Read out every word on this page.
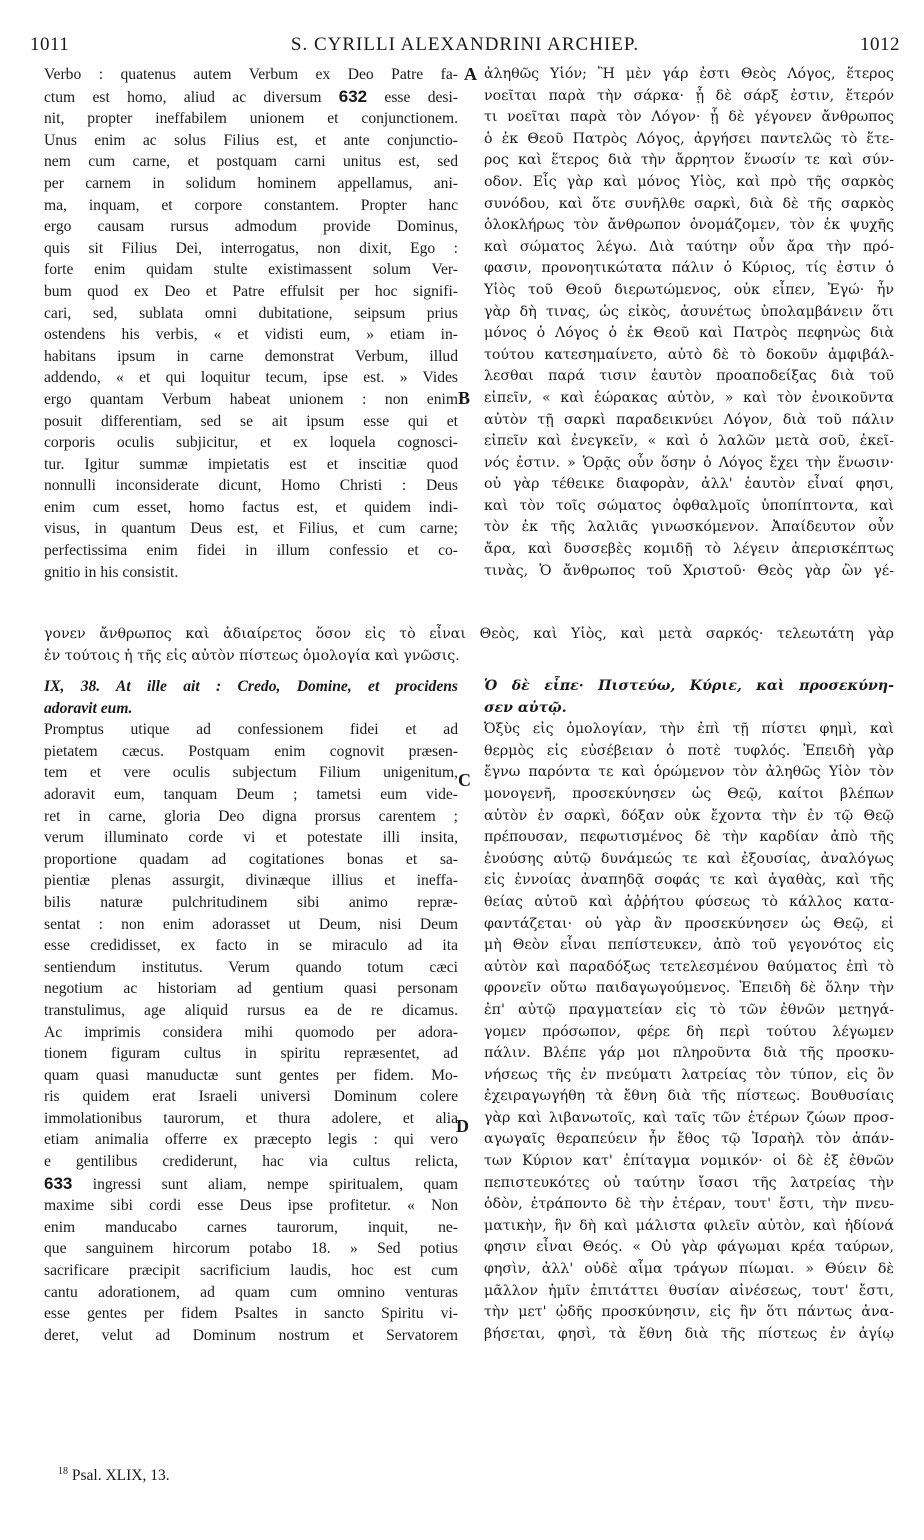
1011	S. CYRILLI ALEXANDRINI ARCHIEP.	1012
A
B
C
D
Verbo : quatenus autem Verbum ex Deo Patre fa-
ctum est homo, aliud ac diversum 632 esse desi-
nit, propter ineffabilem unionem et conjunctionem.
Unus enim ac solus Filius est, et ante conjunctio-
nem cum carne, et postquam carni unitus est, sed
per carnem in solidum hominem appellamus, ani-
ma, inquam, et corpore constantem. Propter hanc
ergo causam rursus admodum provide Dominus,
quis sit Filius Dei, interrogatus, non dixit, Ego :
forte enim quidam stulte existimassent solum Ver-
bum quod ex Deo et Patre effulsit per hoc signifi-
cari, sed, sublata omni dubitatione, seipsum prius
ostendens his verbis, « et vidisti eum, » etiam in-
habitans ipsum in carne demonstrat Verbum, illud
addendo, « et qui loquitur tecum, ipse est. » Vides
ergo quantam Verbum habeat unionem : non enim
posuit differentiam, sed se ait ipsum esse qui et
corporis oculis subjicitur, et ex loquela cognosci-
tur. Igitur summæ impietatis est et inscitiæ quod
nonnulli inconsiderate dicunt, Homo Christi : Deus
enim cum esset, homo factus est, et quidem indi-
visus, in quantum Deus est, et Filius, et cum carne;
perfectissima enim fidei in illum confessio et co-
gnitio in his consistit.
ἀληθῶς Υἱόν; Ἢ μὲν γάρ ἐστι Θεὸς Λόγος, ἕτερος
νοεῖται παρὰ τὴν σάρκα· ᾗ δὲ σάρξ ἐστιν, ἕτερόν
τι νοεῖται παρὰ τὸν Λόγον· ᾗ δὲ γέγονεν ἄνθρωπος
ὁ ἐκ Θεοῦ Πατρὸς Λόγος, ἀργήσει παντελῶς τὸ ἕτε-
ρος καὶ ἕτερος διὰ τὴν ἄρρητον ἕνωσίν τε καὶ σύν-
οδον. Εἷς γὰρ καὶ μόνος Υἱὸς, καὶ πρὸ τῆς σαρκὸς
συνόδου, καὶ ὅτε συνῆλθε σαρκὶ, διὰ δὲ τῆς σαρκὸς
ὁλοκλήρως τὸν ἄνθρωπον ὀνομάζομεν, τὸν ἐκ ψυχῆς
καὶ σώματος λέγω. Διὰ ταύτην οὖν ἄρα τὴν πρό-
φασιν, προνοητικώτατα πάλιν ὁ Κύριος, τίς ἐστιν ὁ
Υἱὸς τοῦ Θεοῦ διερωτώμενος, οὐκ εἶπεν, Ἐγώ· ἦν
γὰρ δὴ τινας, ὡς εἰκὸς, ἀσυνέτως ὑπολαμβάνειν ὅτι
μόνος ὁ Λόγος ὁ ἐκ Θεοῦ καὶ Πατρὸς πεφηνὼς διὰ
τούτου κατεσημαίνετο, αὐτὸ δὲ τὸ δοκοῦν ἀμφιβάλ-
λεσθαι παρά τισιν ἑαυτὸν προαποδείξας διὰ τοῦ
εἰπεῖν, « καὶ ἑώρακας αὐτὸν, » καὶ τὸν ἐνοικοῦντα
αὐτὸν τῇ σαρκὶ παραδεικνύει Λόγον, διὰ τοῦ πάλιν
εἰπεῖν καὶ ἐνεγκεῖν, « καὶ ὁ λαλῶν μετὰ σοῦ, ἐκεῖ-
νός ἐστιν. » Ὁρᾷς οὖν ὅσην ὁ Λόγος ἔχει τὴν ἕνωσιν·
οὐ γὰρ τέθεικε διαφορὰν, ἀλλ' ἑαυτὸν εἶναί φησι,
καὶ τὸν τοῖς σώματος ὀφθαλμοῖς ὑποπίπτοντα, καὶ
τὸν ἐκ τῆς λαλιᾶς γινωσκόμενον. Ἀπαίδευτον οὖν
ἄρα, καὶ δυσσεβὲς κομιδῇ τὸ λέγειν ἀπερισκέπτως
τινὰς, Ὁ ἄνθρωπος τοῦ Χριστοῦ· Θεὸς γὰρ ὢν γέ-
γονεν ἄνθρωπος καὶ ἀδιαίρετος ὅσον εἰς τὸ εἶναι Θεὸς, καὶ Υἱὸς, καὶ μετὰ σαρκός· τελεωτάτη γὰρ
ἐν τούτοις ἡ τῆς εἰς αὐτὸν πίστεως ὁμολογία καὶ γνῶσις.
IX, 38. At ille ait : Credo, Domine, et procidens
adoravit eum.
Promptus utique ad confessionem fidei et ad
pietatem cæcus. Postquam enim cognovit præsen-
tem et vere oculis subjectum Filium unigenitum,
adoravit eum, tanquam Deum ; tametsi eum vide-
ret in carne, gloria Deo digna prorsus carentem ;
verum illuminato corde vi et potestate illi insita,
proportione quadam ad cogitationes bonas et sa-
pientiæ plenas assurgit, divinæque illius et ineffa-
bilis naturæ pulchritudinem sibi animo repræ-
sentat : non enim adorasset ut Deum, nisi Deum
esse credidisset, ex facto in se miraculo ad ita
sentiendum institutus. Verum quando totum cæci
negotium ac historiam ad gentium quasi personam
transtulimus, age aliquid rursus ea de re dicamus.
Ac imprimis considera mihi quomodo per adora-
tionem figuram cultus in spiritu repræsentet, ad
quam quasi manuductæ sunt gentes per fidem. Mo-
ris quidem erat Israeli universi Dominum colere
immolationibus taurorum, et thura adolere, et alia
etiam animalia offerre ex præcepto legis : qui vero
e gentilibus crediderunt, hac via cultus relicta,
633 ingressi sunt aliam, nempe spiritualem, quam
maxime sibi cordi esse Deus ipse profitetur. « Non
enim manducabo carnes taurorum, inquit, ne-
que sanguinem hircorum potabo 18. » Sed potius
sacrificare præcipit sacrificium laudis, hoc est cum
cantu adorationem, ad quam cum omnino venturas
esse gentes per fidem Psaltes in sancto Spiritu vi-
deret, velut ad Dominum nostrum et Servatorem
Ὁ δὲ εἶπε· Πιστεύω, Κύριε, καὶ προσεκύνη-
σεν αὐτῷ.
Ὀξὺς εἰς ὁμολογίαν, τὴν ἐπὶ τῇ πίστει φημὶ, καὶ
θερμὸς εἰς εὐσέβειαν ὁ ποτὲ τυφλός. Ἐπειδὴ γὰρ
ἔγνω παρόντα τε καὶ ὁρώμενον τὸν ἀληθῶς Υἱὸν τὸν
μονογενῆ, προσεκύνησεν ὡς Θεῷ, καίτοι βλέπων
αὐτὸν ἐν σαρκὶ, δόξαν οὐκ ἔχοντα τὴν ἐν τῷ Θεῷ
πρέπουσαν, πεφωτισμένος δὲ τὴν καρδίαν ἀπὸ τῆς
ἐνούσης αὐτῷ δυνάμεώς τε καὶ ἐξουσίας, ἀναλόγως
εἰς ἐννοίας ἀναπηδᾷ σοφάς τε καὶ ἀγαθὰς, καὶ τῆς
θείας αὐτοῦ καὶ ἀῤῥήτου φύσεως τὸ κάλλος κατα-
φαντάζεται· οὐ γὰρ ἂν προσεκύνησεν ὡς Θεῷ, εἰ
μὴ Θεὸν εἶναι πεπίστευκεν, ἀπὸ τοῦ γεγονότος εἰς
αὐτὸν καὶ παραδόξως τετελεσμένου θαύματος ἐπὶ τὸ
φρονεῖν οὕτω παιδαγωγούμενος. Ἐπειδὴ δὲ ὅλην τὴν
ἐπ' αὐτῷ πραγματείαν εἰς τὸ τῶν ἐθνῶν μετηγά-
γομεν πρόσωπον, φέρε δὴ περὶ τούτου λέγωμεν
πάλιν. Βλέπε γάρ μοι πληροῦντα διὰ τῆς προσκυ-
νήσεως τῆς ἐν πνεύματι λατρείας τὸν τύπον, εἰς ὃν
ἐχειραγωγήθη τὰ ἔθνη διὰ τῆς πίστεως. Βουθυσίαις
γὰρ καὶ λιβανωτοῖς, καὶ ταῖς τῶν ἑτέρων ζώων προσ-
αγωγαῖς θεραπεύειν ἦν ἔθος τῷ Ἰσραὴλ τὸν ἁπάν-
των Κύριον κατ' ἐπίταγμα νομικόν· οἱ δὲ ἐξ ἐθνῶν
πεπιστευκότες οὐ ταύτην ἴσασι τῆς λατρείας τὴν
ὁδὸν, ἐτράποντο δὲ τὴν ἑτέραν, τουτ' ἔστι, τὴν πνευ-
ματικὴν, ἣν δὴ καὶ μάλιστα φιλεῖν αὐτὸν, καὶ ἡδίονά
φησιν εἶναι Θεός. « Οὐ γὰρ φάγωμαι κρέα ταύρων,
φησὶν, ἀλλ' οὐδὲ αἷμα τράγων πίωμαι. » Θύειν δὲ
μᾶλλον ἡμῖν ἐπιτάττει θυσίαν αἰνέσεως, τουτ' ἔστι,
τὴν μετ' ᾠδῆς προσκύνησιν, εἰς ἣν ὅτι πάντως ἀνα-
βήσεται, φησὶ, τὰ ἔθνη διὰ τῆς πίστεως ἐν ἁγίῳ
$^{18}$ Psal. XLIX, 13.
